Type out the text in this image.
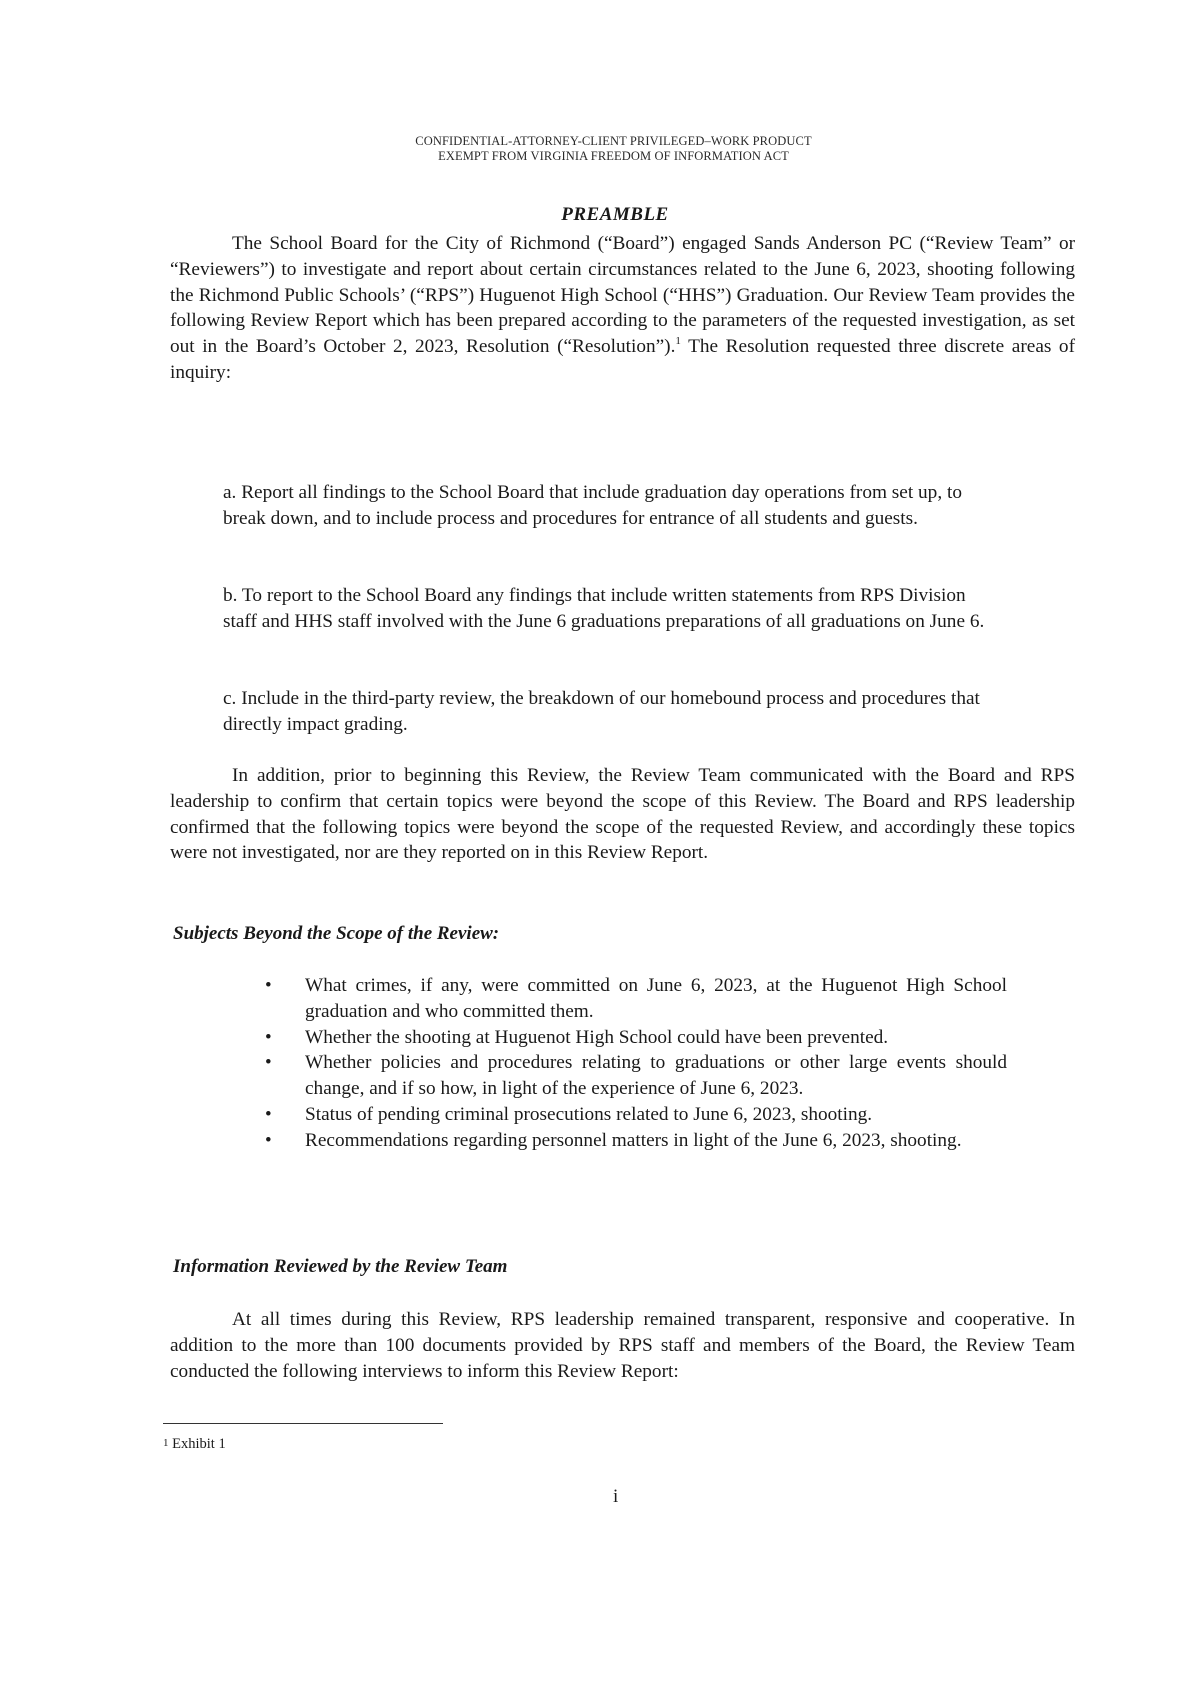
CONFIDENTIAL-ATTORNEY-CLIENT PRIVILEGED–WORK PRODUCT
EXEMPT FROM VIRGINIA FREEDOM OF INFORMATION ACT
PREAMBLE

The School Board for the City of Richmond (“Board”) engaged Sands Anderson PC (“Review Team” or “Reviewers”) to investigate and report about certain circumstances related to the June 6, 2023, shooting following the Richmond Public Schools’ (“RPS”) Huguenot High School (“HHS”) Graduation. Our Review Team provides the following Review Report which has been prepared according to the parameters of the requested investigation, as set out in the Board’s October 2, 2023, Resolution (“Resolution”).$^1$ The Resolution requested three discrete areas of inquiry:

a. Report all findings to the School Board that include graduation day operations from set up, to break down, and to include process and procedures for entrance of all students and guests.
b. To report to the School Board any findings that include written statements from RPS Division staff and HHS staff involved with the June 6 graduations preparations of all graduations on June 6.
c. Include in the third-party review, the breakdown of our homebound process and procedures that directly impact grading.

In addition, prior to beginning this Review, the Review Team communicated with the Board and RPS leadership to confirm that certain topics were beyond the scope of this Review. The Board and RPS leadership confirmed that the following topics were beyond the scope of the requested Review, and accordingly these topics were not investigated, nor are they reported on in this Review Report.

Subjects Beyond the Scope of the Review:
• What crimes, if any, were committed on June 6, 2023, at the Huguenot High School graduation and who committed them.
• Whether the shooting at Huguenot High School could have been prevented.
• Whether policies and procedures relating to graduations or other large events should change, and if so how, in light of the experience of June 6, 2023.
• Status of pending criminal prosecutions related to June 6, 2023, shooting.
• Recommendations regarding personnel matters in light of the June 6, 2023, shooting.
Information Reviewed by the Review Team

At all times during this Review, RPS leadership remained transparent, responsive and cooperative. In addition to the more than 100 documents provided by RPS staff and members of the Board, the Review Team conducted the following interviews to inform this Review Report:

$^1$ Exhibit 1
i
